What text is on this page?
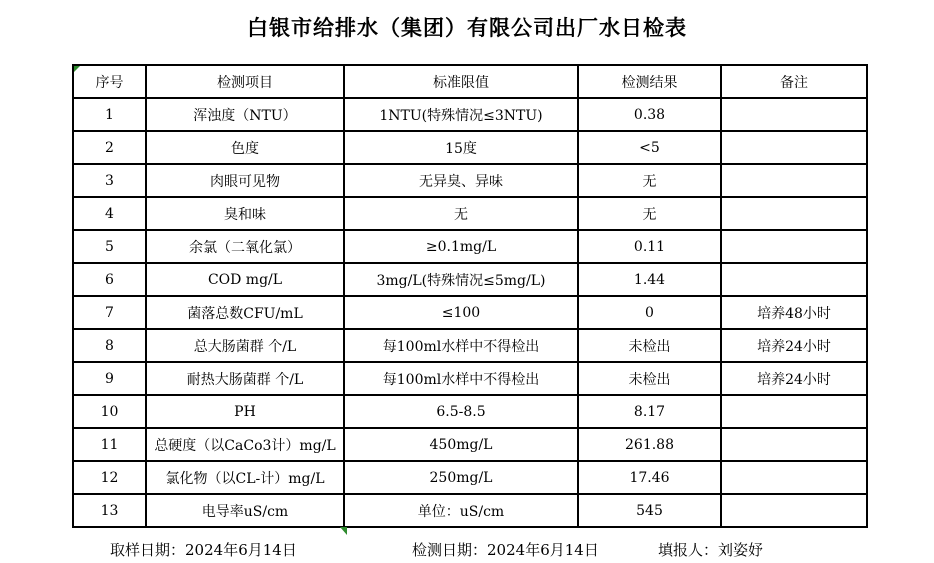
白银市给排水（集团）有限公司出厂水日检表
序号	检测项目	标准限值	检测结果	备注
1	浑浊度（NTU）	1NTU(特殊情况≤3NTU)	0.38	
2	色度	15度	<5	
3	肉眼可见物	无异臭、异味	无	
4	臭和味	无	无	
5	余氯（二氧化氯）	≥0.1mg/L	0.11	
6	COD mg/L	3mg/L(特殊情况≤5mg/L)	1.44	
7	菌落总数CFU/mL	≤100	0	培养48小时
8	总大肠菌群 个/L	每100ml水样中不得检出	未检出	培养24小时
9	耐热大肠菌群 个/L	每100ml水样中不得检出	未检出	培养24小时
10	PH	6.5-8.5	8.17	
11	总硬度（以CaCo3计）mg/L	450mg/L	261.88	
12	氯化物（以CL-计）mg/L	250mg/L	17.46	
13	电导率uS/cm	单位：uS/cm	545	
取样日期：2024年6月14日	检测日期：2024年6月14日	填报人：刘姿妤
